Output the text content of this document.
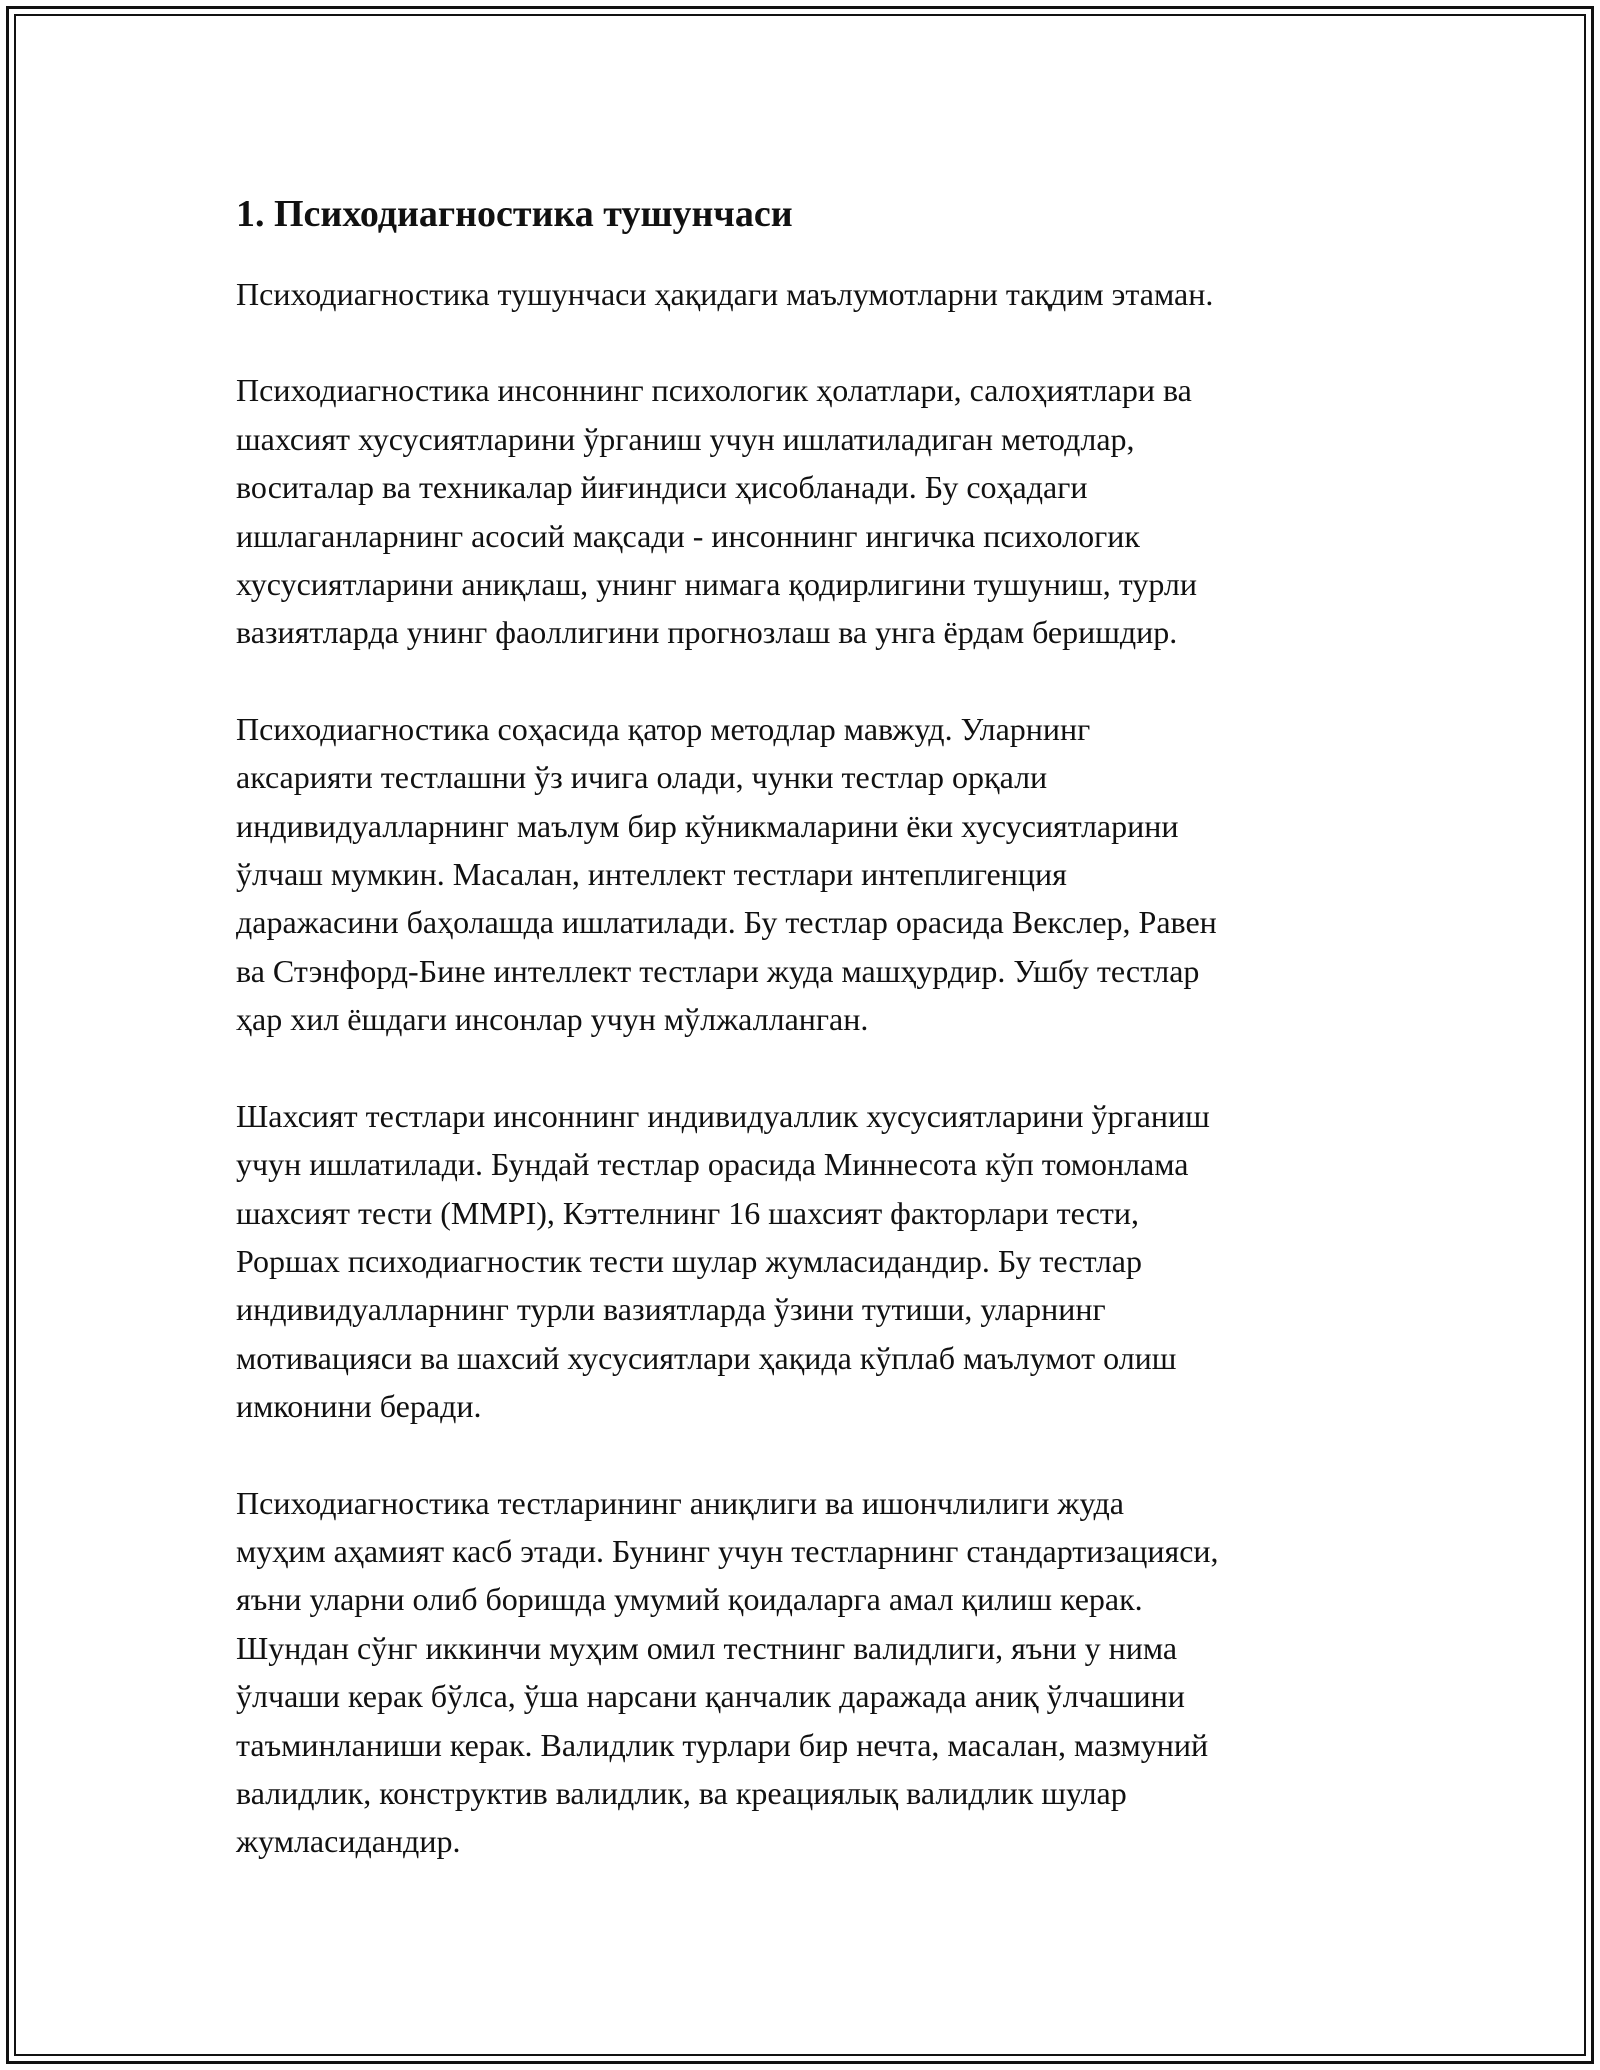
1. Психодиагностика тушунчаси

Психодиагностика тушунчаси ҳақидаги маълумотларни тақдим этаман.

Психодиагностика инсоннинг психологик ҳолатлари, салоҳиятлари ва
шахсият хусусиятларини ўрганиш учун ишлатиладиган методлар,
воситалар ва техникалар йиғиндиси ҳисобланади. Бу соҳадаги
ишлаганларнинг асосий мақсади - инсоннинг ингичка психологик
хусусиятларини аниқлаш, унинг нимага қодирлигини тушуниш, турли
вазиятларда унинг фаоллигини прогнозлаш ва унга ёрдам беришдир.

Психодиагностика соҳасида қатор методлар мавжуд. Уларнинг
аксарияти тестлашни ўз ичига олади, чунки тестлар орқали
индивидуалларнинг маълум бир кўникмаларини ёки хусусиятларини
ўлчаш мумкин. Масалан, интеллект тестлари интеплигенция
даражасини баҳолашда ишлатилади. Бу тестлар орасида Векслер, Равен
ва Стэнфорд-Бине интеллект тестлари жуда машҳурдир. Ушбу тестлар
ҳар хил ёшдаги инсонлар учун мўлжалланган.

Шахсият тестлари инсоннинг индивидуаллик хусусиятларини ўрганиш
учун ишлатилади. Бундай тестлар орасида Миннесота кўп томонлама
шахсият тести (MMPI), Кэттелнинг 16 шахсият факторлари тести,
Роршах психодиагностик тести шулар жумласидандир. Бу тестлар
индивидуалларнинг турли вазиятларда ўзини тутиши, уларнинг
мотивацияси ва шахсий хусусиятлари ҳақида кўплаб маълумот олиш
имконини беради.

Психодиагностика тестларининг аниқлиги ва ишончлилиги жуда
муҳим аҳамият касб этади. Бунинг учун тестларнинг стандартизацияси,
яъни уларни олиб боришда умумий қоидаларга амал қилиш керак.
Шундан сўнг иккинчи муҳим омил тестнинг валидлиги, яъни у нима
ўлчаши керак бўлса, ўша нарсани қанчалик даражада аниқ ўлчашини
таъминланиши керак. Валидлик турлари бир нечта, масалан, мазмуний
валидлик, конструктив валидлик, ва креациялық валидлик шулар
жумласидандир.
